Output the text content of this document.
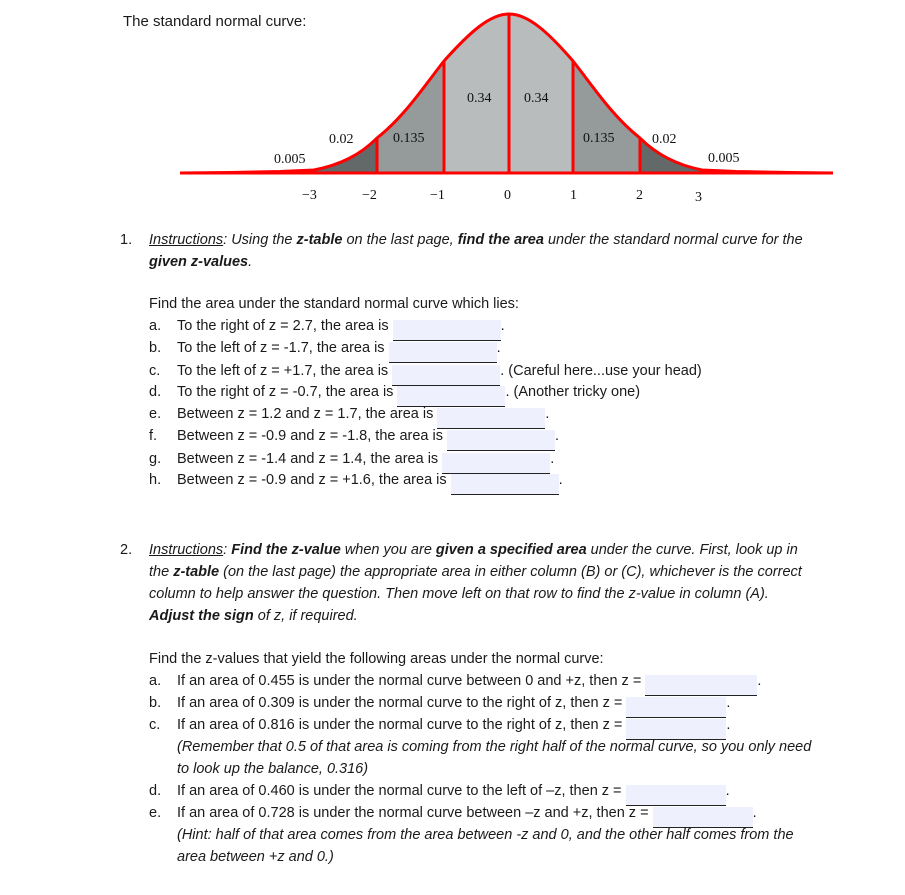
The standard normal curve:
0.005
0.02	0.135
0.34 0.34
0.135	0.02
0.005
−3	−2	−1	0	1	2	3
1. Instructions: Using the z-table on the last page, find the area under the standard normal curve for the given z-values.
Find the area under the standard normal curve which lies:
a. To the right of z = 2.7, the area is	.
b. To the left of z = -1.7, the area is	.
c. To the left of z = +1.7, the area is	. (Careful here...use your head)
d. To the right of z = -0.7, the area is	. (Another tricky one)
e. Between z = 1.2 and z = 1.7, the area is	.
f. Between z = -0.9 and z = -1.8, the area is	.
g. Between z = -1.4 and z = 1.4, the area is	.
h. Between z = -0.9 and z = +1.6, the area is	.
2. Instructions: Find the z-value when you are given a specified area under the curve. First, look up in the z-table (on the last page) the appropriate area in either column (B) or (C), whichever is the correct column to help answer the question. Then move left on that row to find the z-value in column (A). Adjust the sign of z, if required.
Find the z-values that yield the following areas under the normal curve:
a. If an area of 0.455 is under the normal curve between 0 and +z, then z =	.
b. If an area of 0.309 is under the normal curve to the right of z, then z =	.
c. If an area of 0.816 is under the normal curve to the right of z, then z =	.
(Remember that 0.5 of that area is coming from the right half of the normal curve, so you only need to look up the balance, 0.316)
d. If an area of 0.460 is under the normal curve to the left of –z, then z =	.
e. If an area of 0.728 is under the normal curve between –z and +z, then z =	.
(Hint: half of that area comes from the area between -z and 0, and the other half comes from the area between +z and 0.)
